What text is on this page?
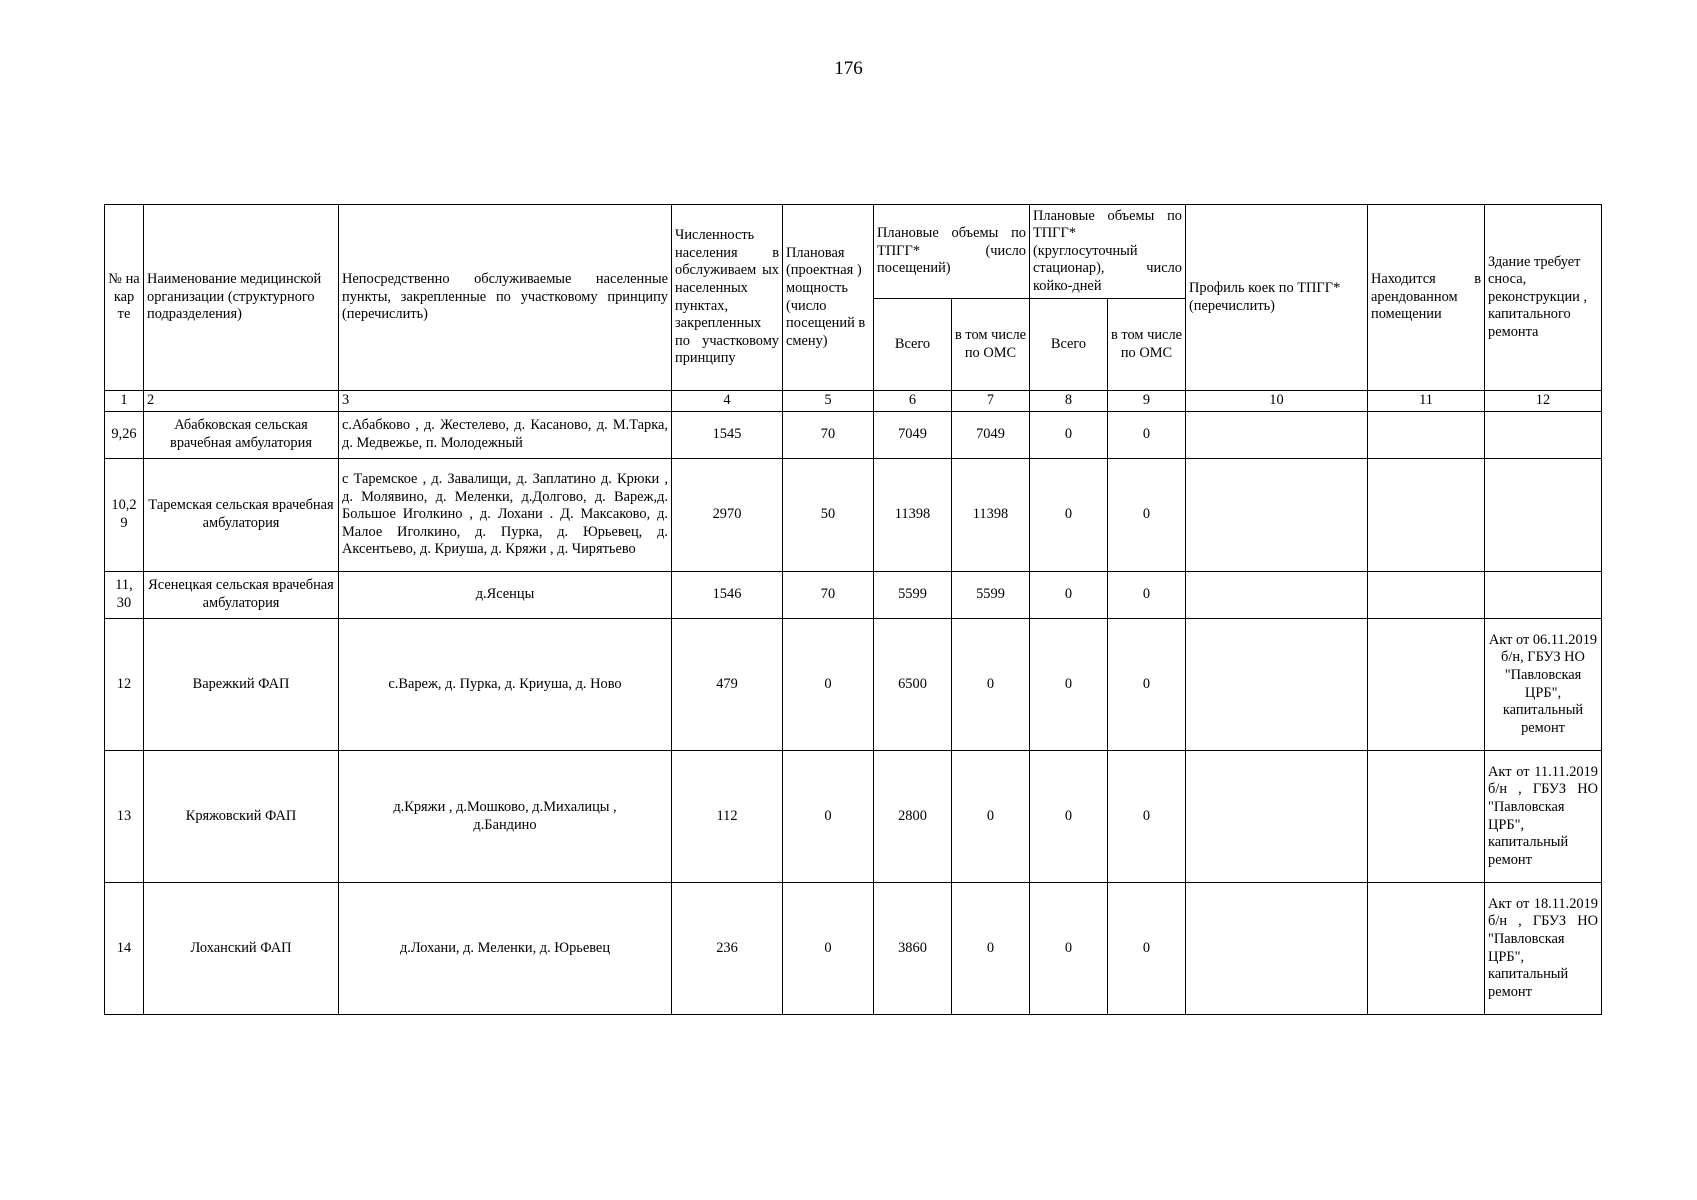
176
№ на кар те	Наименование медицинской организации (структурного подразделения)	Непосредственно обслуживаемые населенные пункты, закрепленные по участковому принципу (перечислить)	Численность населения в обслуживаем ых населенных пунктах, закрепленных по участковому принципу	Плановая (проектная ) мощность (число посещений в смену)	Плановые объемы по ТПГГ* (число посещений)		Плановые объемы по ТПГГ* (круглосуточный стационар), число койко-дней		Профиль коек по ТПГГ* (перечислить)	Находится в арендованном помещении	Здание требует сноса, реконструкции , капитального ремонта
					Всего	в том числе по ОМС	Всего	в том числе по ОМС			
1	2	3	4	5	6	7	8	9	10	11	12
9,26	Абабковская сельская врачебная амбулатория	с.Абабково , д. Жестелево, д. Касаново, д. М.Тарка, д. Медвежье, п. Молодежный	1545	70	7049	7049	0	0			
10,2 9	Таремская сельская врачебная амбулатория	с Таремское , д. Завалищи, д. Заплатино д. Крюки , д. Молявино, д. Меленки, д.Долгово, д. Вареж,д. Большое Иголкино , д. Лохани . Д. Максаково, д. Малое Иголкино, д. Пурка, д. Юрьевец, д. Аксентьево, д. Криуша, д. Кряжи , д. Чирятьево	2970	50	11398	11398	0	0			
11, 30	Ясенецкая сельская врачебная амбулатория	д.Ясенцы	1546	70	5599	5599	0	0			
12	Варежкий ФАП	с.Вареж, д. Пурка, д. Криуша, д. Ново	479	0	6500	0	0	0			Акт от 06.11.2019 б/н, ГБУЗ НО "Павловская ЦРБ", капитальный ремонт
13	Кряжовский ФАП	д.Кряжи , д.Мошково, д.Михалицы , д.Бандино	112	0	2800	0	0	0			Акт от 11.11.2019 б/н , ГБУЗ НО "Павловская ЦРБ", капитальный ремонт
14	Лоханский ФАП	д.Лохани, д. Меленки, д. Юрьевец	236	0	3860	0	0	0			Акт от 18.11.2019 б/н , ГБУЗ НО "Павловская ЦРБ", капитальный ремонт
